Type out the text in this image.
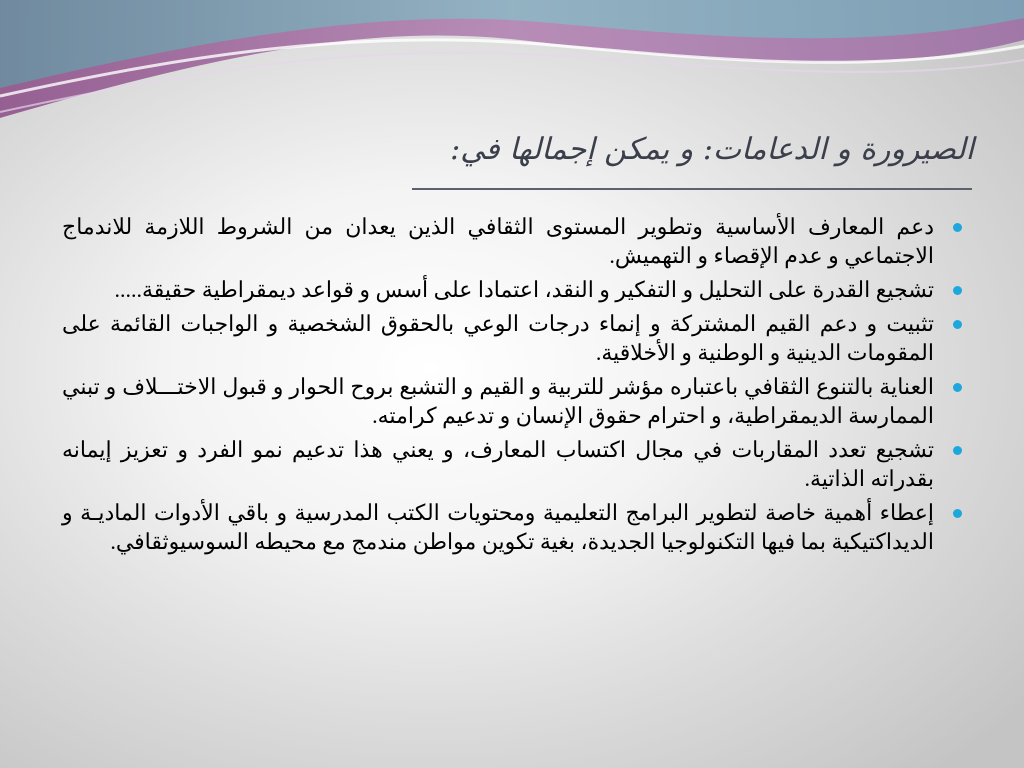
الصيرورة و الدعامات: و يمكن إجمالها في:
دعم المعارف الأساسية وتطوير المستوى الثقافي الذين يعدان من الشروط اللازمة للاندماج الاجتماعي و عدم الإقصاء و التهميش.
تشجيع القدرة على التحليل و التفكير و النقد، اعتمادا على أسس و قواعد ديمقراطية حقيقة.....
تثبيت و دعم القيم المشتركة و إنماء درجات الوعي بالحقوق الشخصية و الواجبات القائمة على المقومات الدينية و الوطنية و الأخلاقية.
العناية بالتنوع الثقافي باعتباره مؤشر للتربية و القيم و التشبع بروح الحوار و قبول الاختـــلاف و تبني الممارسة الديمقراطية، و احترام حقوق الإنسان و تدعيم كرامته.
تشجيع تعدد المقاربات في مجال اكتساب المعارف، و يعني هذا تدعيم نمو الفرد و تعزيز إيمانه بقدراته الذاتية.
إعطاء أهمية خاصة لتطوير البرامج التعليمية ومحتويات الكتب المدرسية و باقي الأدوات الماديـة و الديداكتيكية بما فيها التكنولوجيا الجديدة، بغية تكوين مواطن مندمج مع محيطه السوسيوثقافي.
